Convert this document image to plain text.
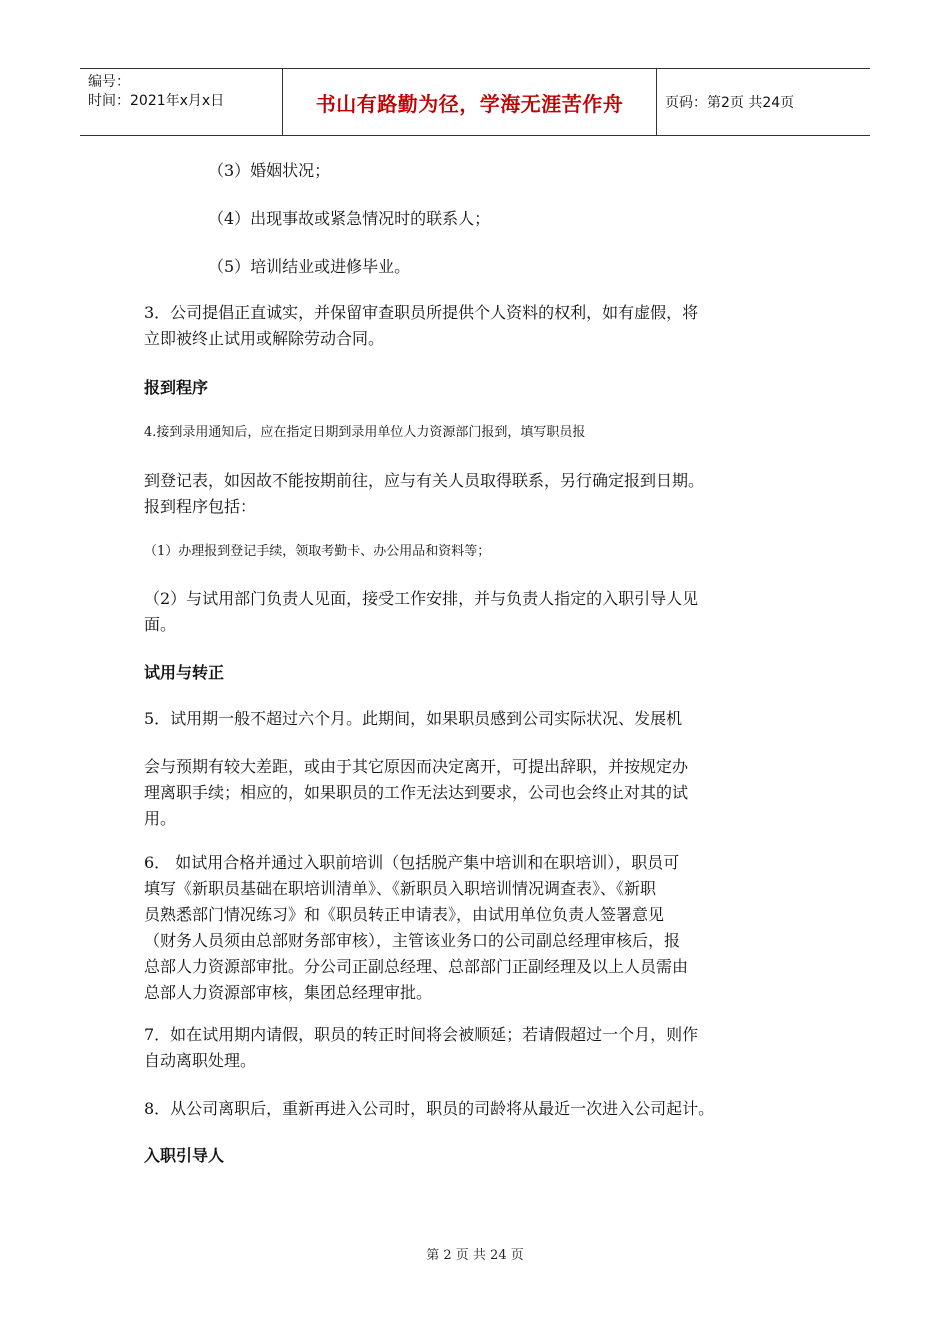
编号：
时间：2021年x月x日	书山有路勤为径，学海无涯苦作舟	页码：第2页 共24页
（3）婚姻状况；
（4）出现事故或紧急情况时的联系人；
（5）培训结业或进修毕业。
3．公司提倡正直诚实，并保留审查职员所提供个人资料的权利，如有虚假，将
立即被终止试用或解除劳动合同。
报到程序
4.接到录用通知后，应在指定日期到录用单位人力资源部门报到，填写职员报
到登记表，如因故不能按期前往，应与有关人员取得联系，另行确定报到日期。
报到程序包括：
（1）办理报到登记手续，领取考勤卡、办公用品和资料等；
（2）与试用部门负责人见面，接受工作安排，并与负责人指定的入职引导人见
面。
试用与转正
5．试用期一般不超过六个月。此期间，如果职员感到公司实际状况、发展机
会与预期有较大差距，或由于其它原因而决定离开，可提出辞职，并按规定办
理离职手续；相应的，如果职员的工作无法达到要求，公司也会终止对其的试
用。
6． 如试用合格并通过入职前培训（包括脱产集中培训和在职培训），职员可
填写《新职员基础在职培训清单》、《新职员入职培训情况调查表》、《新职
员熟悉部门情况练习》和《职员转正申请表》，由试用单位负责人签署意见
（财务人员须由总部财务部审核），主管该业务口的公司副总经理审核后，报
总部人力资源部审批。分公司正副总经理、总部部门正副经理及以上人员需由
总部人力资源部审核，集团总经理审批。
7．如在试用期内请假，职员的转正时间将会被顺延；若请假超过一个月，则作
自动离职处理。
8．从公司离职后，重新再进入公司时，职员的司龄将从最近一次进入公司起计。
入职引导人
第 2 页 共 24 页
